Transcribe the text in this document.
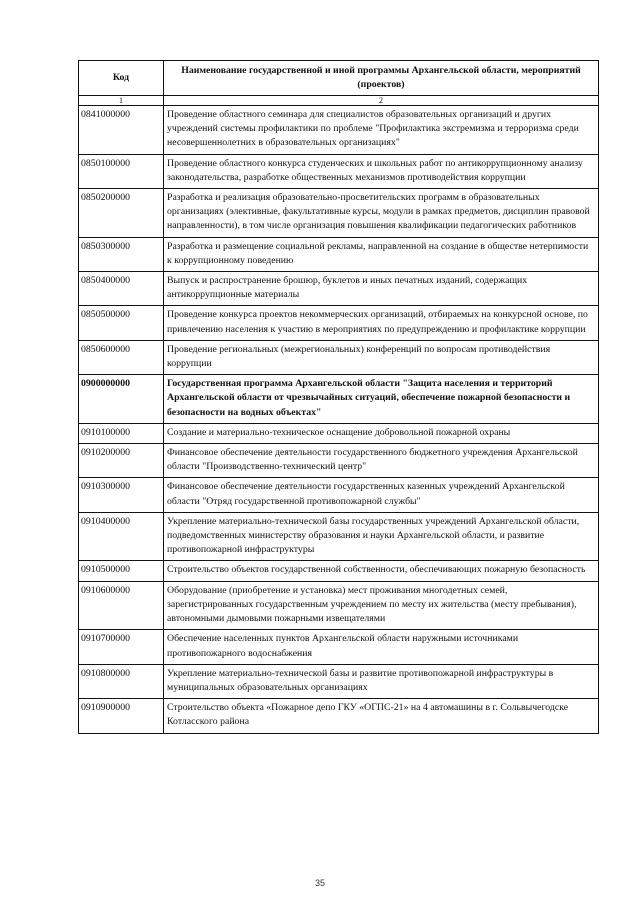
Код	Наименование государственной и иной программы Архангельской области, мероприятий (проектов)
1	2
0841000000	Проведение областного семинара для специалистов образовательных организаций и других учреждений системы профилактики по проблеме "Профилактика экстремизма и терроризма среди несовершеннолетних в образовательных организациях"
0850100000	Проведение областного конкурса студенческих и школьных работ по антикоррупционному анализу законодательства, разработке общественных механизмов противодействия коррупции
0850200000	Разработка и реализация образовательно-просветительских программ в образовательных организациях (элективные, факультативные курсы, модули в рамках предметов, дисциплин правовой направленности), в том числе организация повышения квалификации педагогических работников
0850300000	Разработка и размещение социальной рекламы, направленной на создание в обществе нетерпимости к коррупционному поведению
0850400000	Выпуск и распространение брошюр, буклетов и иных печатных изданий, содержащих антикоррупционные материалы
0850500000	Проведение конкурса проектов некоммерческих организаций, отбираемых на конкурсной основе, по привлечению населения к участию в мероприятиях по предупреждению и профилактике коррупции
0850600000	Проведение региональных (межрегиональных) конференций по вопросам противодействия коррупции
0900000000	Государственная программа Архангельской области "Защита населения и территорий Архангельской области от чрезвычайных ситуаций, обеспечение пожарной безопасности и безопасности на водных объектах"
0910100000	Создание и материально-техническое оснащение добровольной пожарной охраны
0910200000	Финансовое обеспечение деятельности государственного бюджетного учреждения Архангельской области "Производственно-технический центр"
0910300000	Финансовое обеспечение деятельности государственных казенных учреждений Архангельской области "Отряд государственной противопожарной службы"
0910400000	Укрепление материально-технической базы государственных учреждений Архангельской области, подведомственных министерству образования и науки Архангельской области, и развитие противопожарной инфраструктуры
0910500000	Строительство объектов государственной собственности, обеспечивающих пожарную безопасность
0910600000	Оборудование (приобретение и установка) мест проживания многодетных семей, зарегистрированных государственным учреждением по месту их жительства (месту пребывания), автономными дымовыми пожарными извещателями
0910700000	Обеспечение населенных пунктов Архангельской области наружными источниками противопожарного водоснабжения
0910800000	Укрепление материально-технической базы и развитие противопожарной инфраструктуры в муниципальных образовательных организациях
0910900000	Строительство объекта «Пожарное депо ГКУ «ОГПС-21» на 4 автомашины в г. Сольвычегодске Котласского района
35
